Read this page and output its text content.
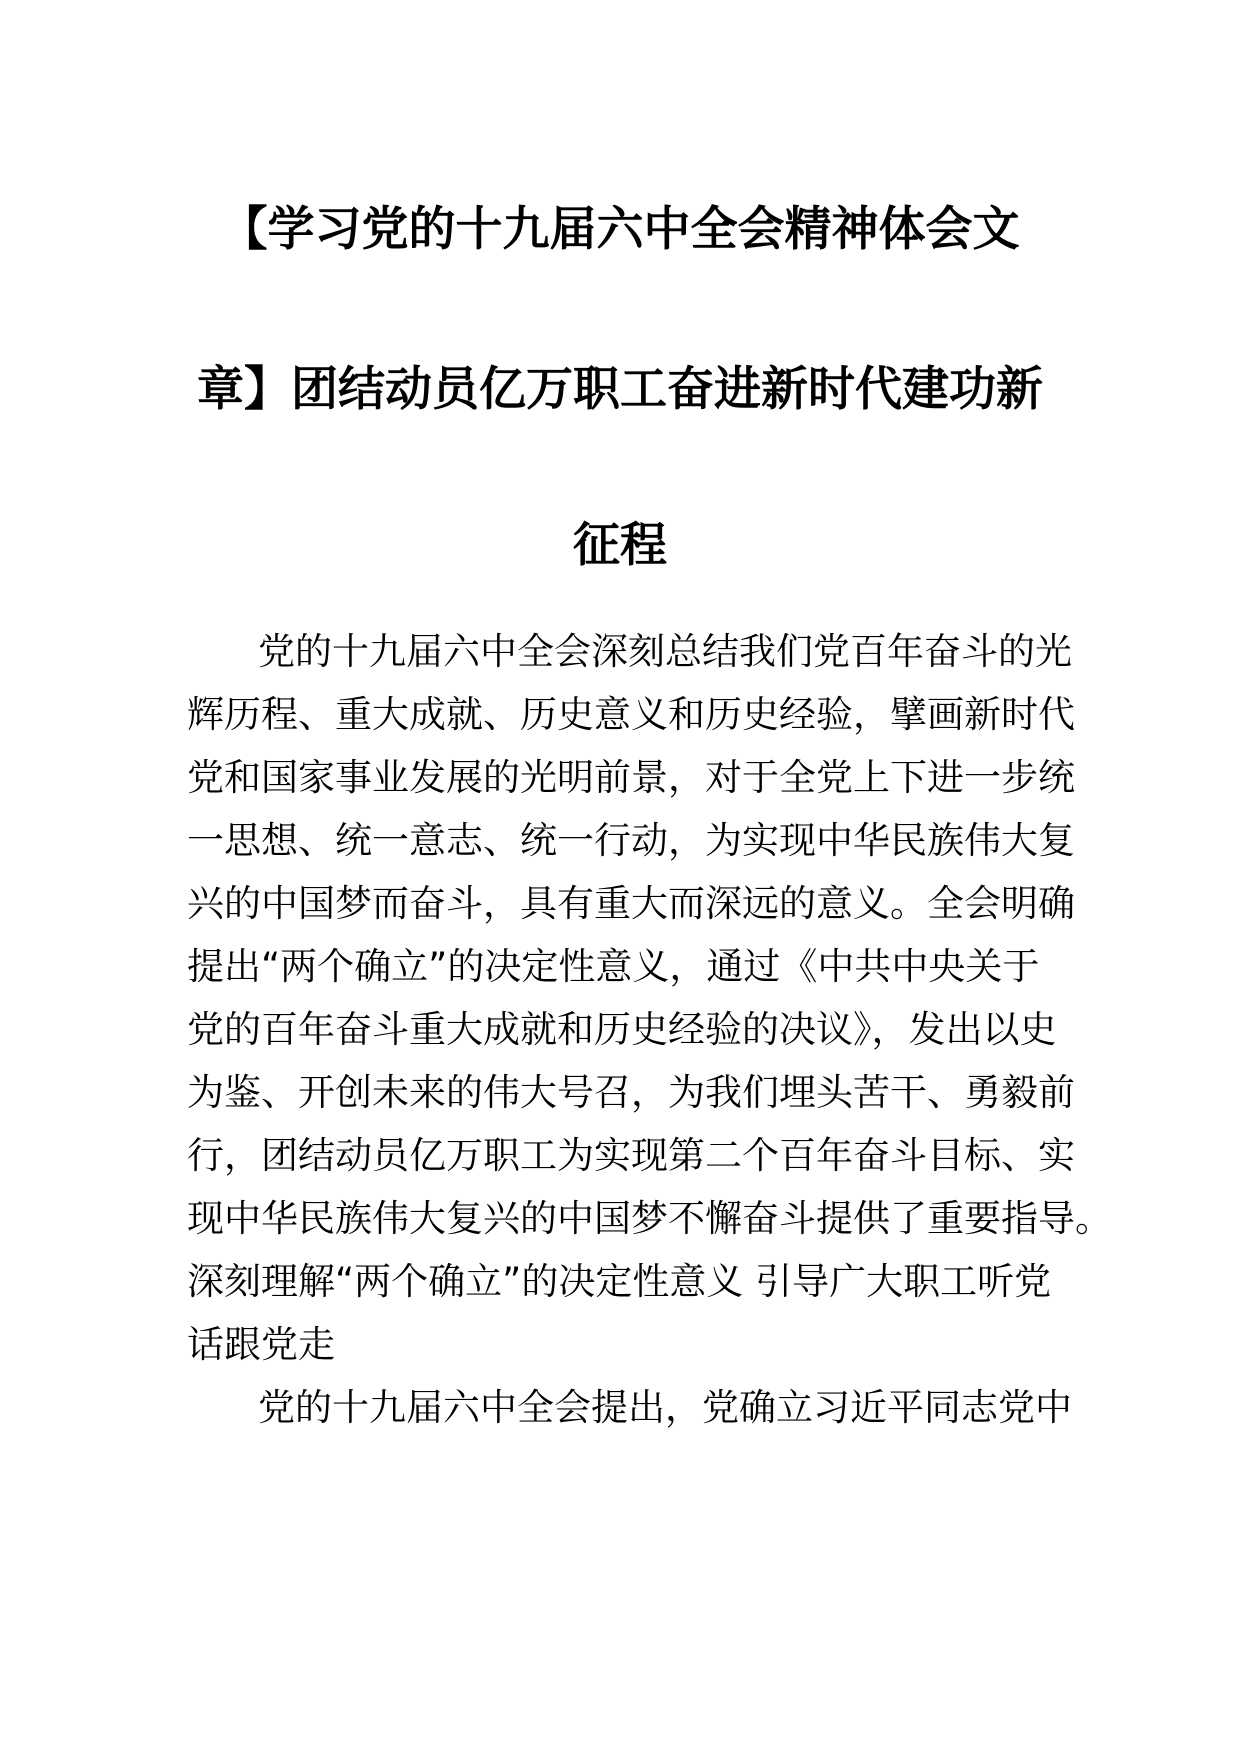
【学习党的十九届六中全会精神体会文
章】团结动员亿万职工奋进新时代建功新
征程

党的十九届六中全会深刻总结我们党百年奋斗的光

辉历程、重大成就、历史意义和历史经验，擘画新时代

党和国家事业发展的光明前景，对于全党上下进一步统

一思想、统一意志、统一行动，为实现中华民族伟大复

兴的中国梦而奋斗，具有重大而深远的意义。全会明确

提出“两个确立”的决定性意义，通过《中共中央关于

党的百年奋斗重大成就和历史经验的决议》，发出以史

为鉴、开创未来的伟大号召，为我们埋头苦干、勇毅前

行，团结动员亿万职工为实现第二个百年奋斗目标、实

现中华民族伟大复兴的中国梦不懈奋斗提供了重要指导。

深刻理解“两个确立”的决定性意义 引导广大职工听党

话跟党走

党的十九届六中全会提出，党确立习近平同志党中
